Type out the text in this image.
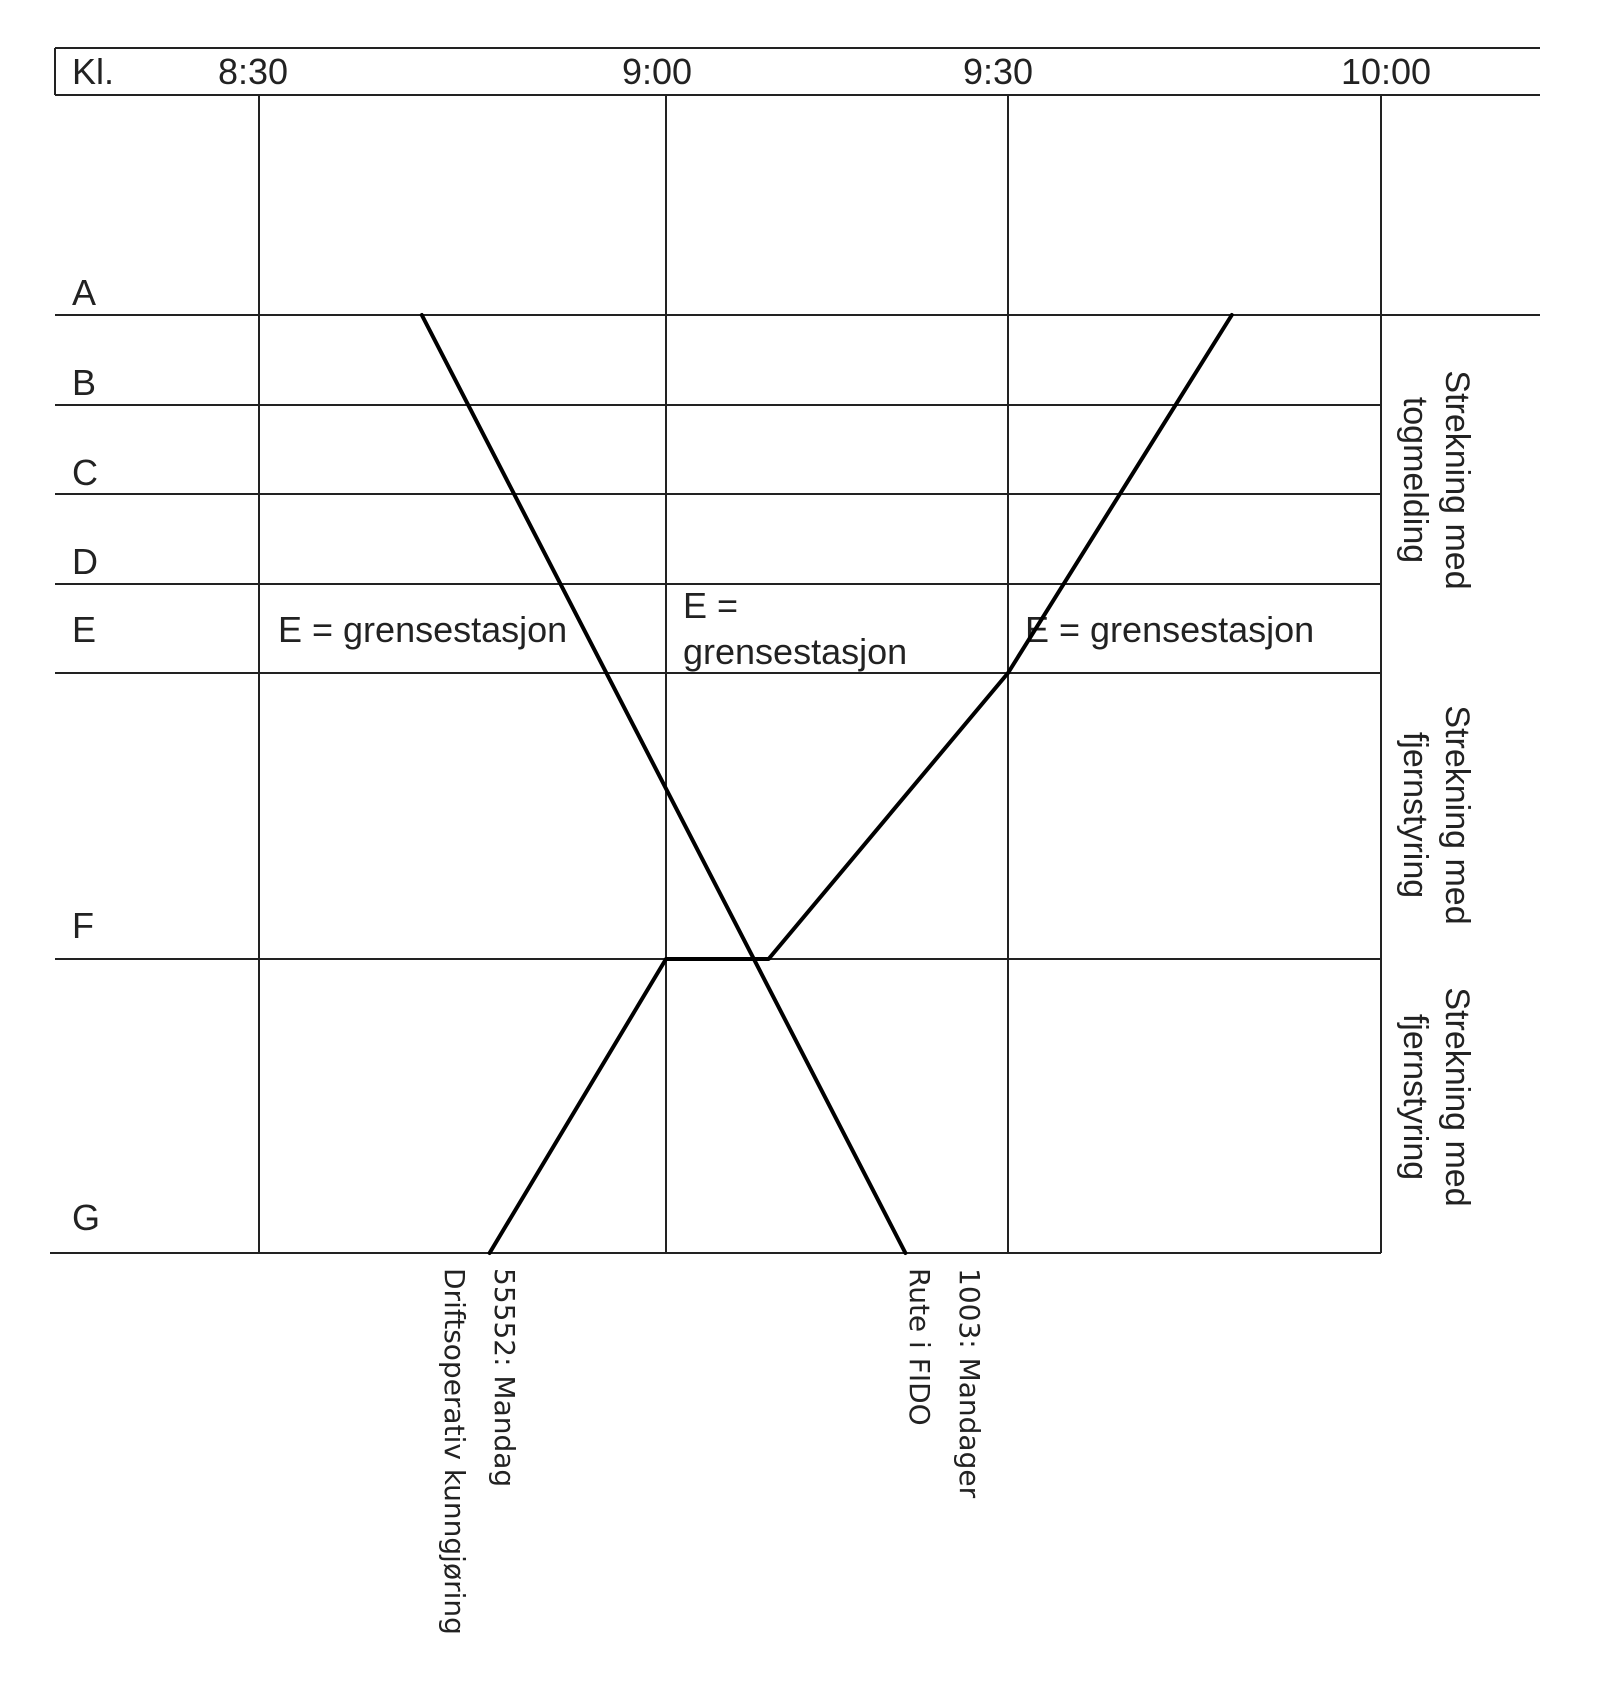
Kl.	8:30	9:00	9:30	10:00
A
B
C
D
E
F
G
E = grensestasjon
E =
grensestasjon
E = grensestasjon
Strekning med
togmelding
Strekning med
fjernstyring
Strekning med
fjernstyring
55552: Mandag
Driftsoperativ kunngjøring	1003: Mandager
Rute i FIDO
